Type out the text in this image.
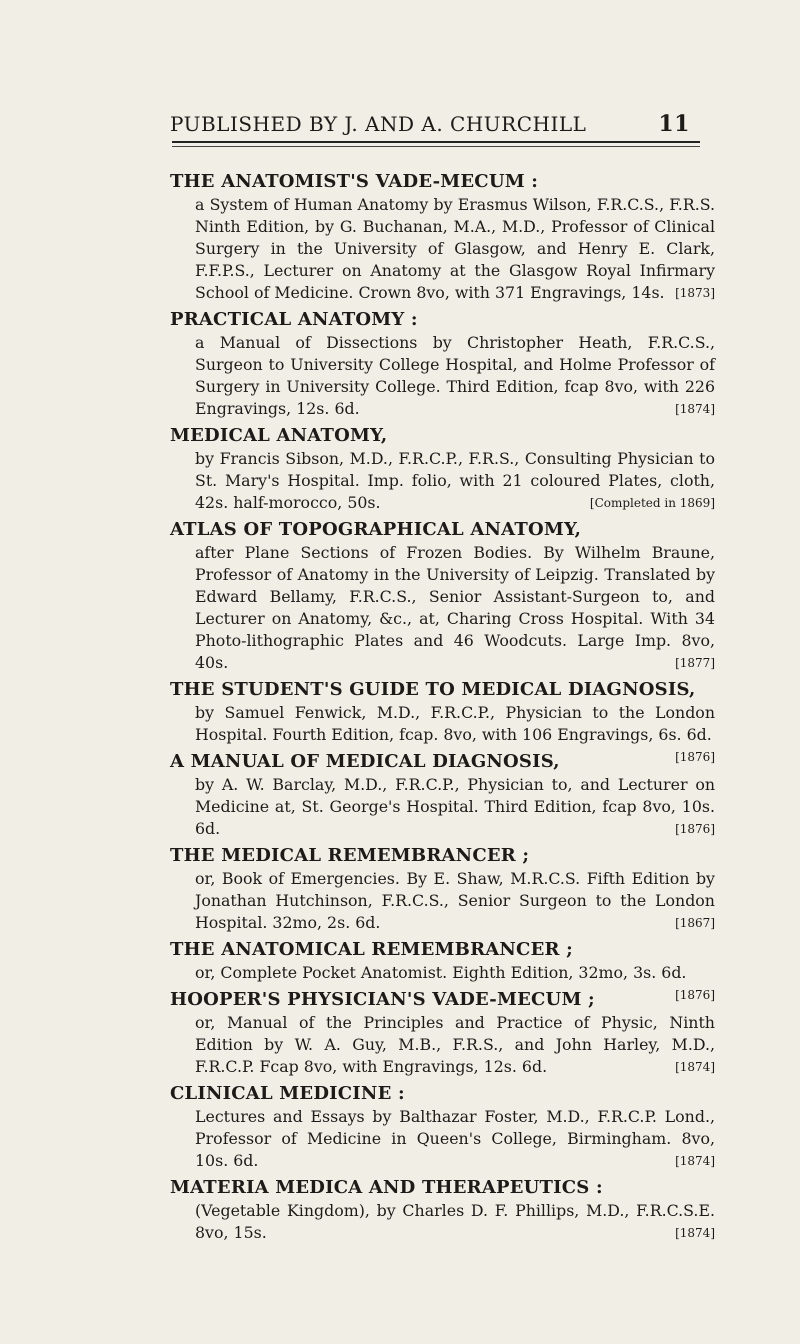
PUBLISHED BY J. AND A. CHURCHILL	11
THE ANATOMIST'S VADE-MECUM :
a System of Human Anatomy by Erasmus Wilson, F.R.C.S., F.R.S. Ninth Edition, by G. Buchanan, M.A., M.D., Professor of Clinical Surgery in the University of Glasgow, and Henry E. Clark, F.F.P.S., Lecturer on Anatomy at the Glasgow Royal Infirmary School of Medicine. Crown 8vo, with 371 Engravings, 14s. [1873]
PRACTICAL ANATOMY :
a Manual of Dissections by Christopher Heath, F.R.C.S., Surgeon to University College Hospital, and Holme Professor of Surgery in University College. Third Edition, fcap 8vo, with 226 Engravings, 12s. 6d.	[1874]
MEDICAL ANATOMY,
by Francis Sibson, M.D., F.R.C.P., F.R.S., Consulting Physician to St. Mary's Hospital. Imp. folio, with 21 coloured Plates, cloth, 42s. half-morocco, 50s.	[Completed in 1869]
ATLAS OF TOPOGRAPHICAL ANATOMY,
after Plane Sections of Frozen Bodies. By Wilhelm Braune, Professor of Anatomy in the University of Leipzig. Translated by Edward Bellamy, F.R.C.S., Senior Assistant-Surgeon to, and Lecturer on Anatomy, &c., at, Charing Cross Hospital. With 34 Photo-lithographic Plates and 46 Woodcuts. Large Imp. 8vo, 40s.	[1877]
THE STUDENT'S GUIDE TO MEDICAL DIAGNOSIS,
by Samuel Fenwick, M.D., F.R.C.P., Physician to the London Hospital. Fourth Edition, fcap. 8vo, with 106 Engravings, 6s. 6d.
[1876]
A MANUAL OF MEDICAL DIAGNOSIS,
by A. W. Barclay, M.D., F.R.C.P., Physician to, and Lecturer on Medicine at, St. George's Hospital. Third Edition, fcap 8vo, 10s. 6d.	[1876]
THE MEDICAL REMEMBRANCER ;
or, Book of Emergencies. By E. Shaw, M.R.C.S. Fifth Edition by Jonathan Hutchinson, F.R.C.S., Senior Surgeon to the London Hospital. 32mo, 2s. 6d.	[1867]
THE ANATOMICAL REMEMBRANCER ;
or, Complete Pocket Anatomist. Eighth Edition, 32mo, 3s. 6d.
[1876]
HOOPER'S PHYSICIAN'S VADE-MECUM ;
or, Manual of the Principles and Practice of Physic, Ninth Edition by W. A. Guy, M.B., F.R.S., and John Harley, M.D., F.R.C.P. Fcap 8vo, with Engravings, 12s. 6d.	[1874]
CLINICAL MEDICINE :
Lectures and Essays by Balthazar Foster, M.D., F.R.C.P. Lond., Professor of Medicine in Queen's College, Birmingham. 8vo, 10s. 6d.	[1874]
MATERIA MEDICA AND THERAPEUTICS :
(Vegetable Kingdom), by Charles D. F. Phillips, M.D., F.R.C.S.E. 8vo, 15s.	[1874]
